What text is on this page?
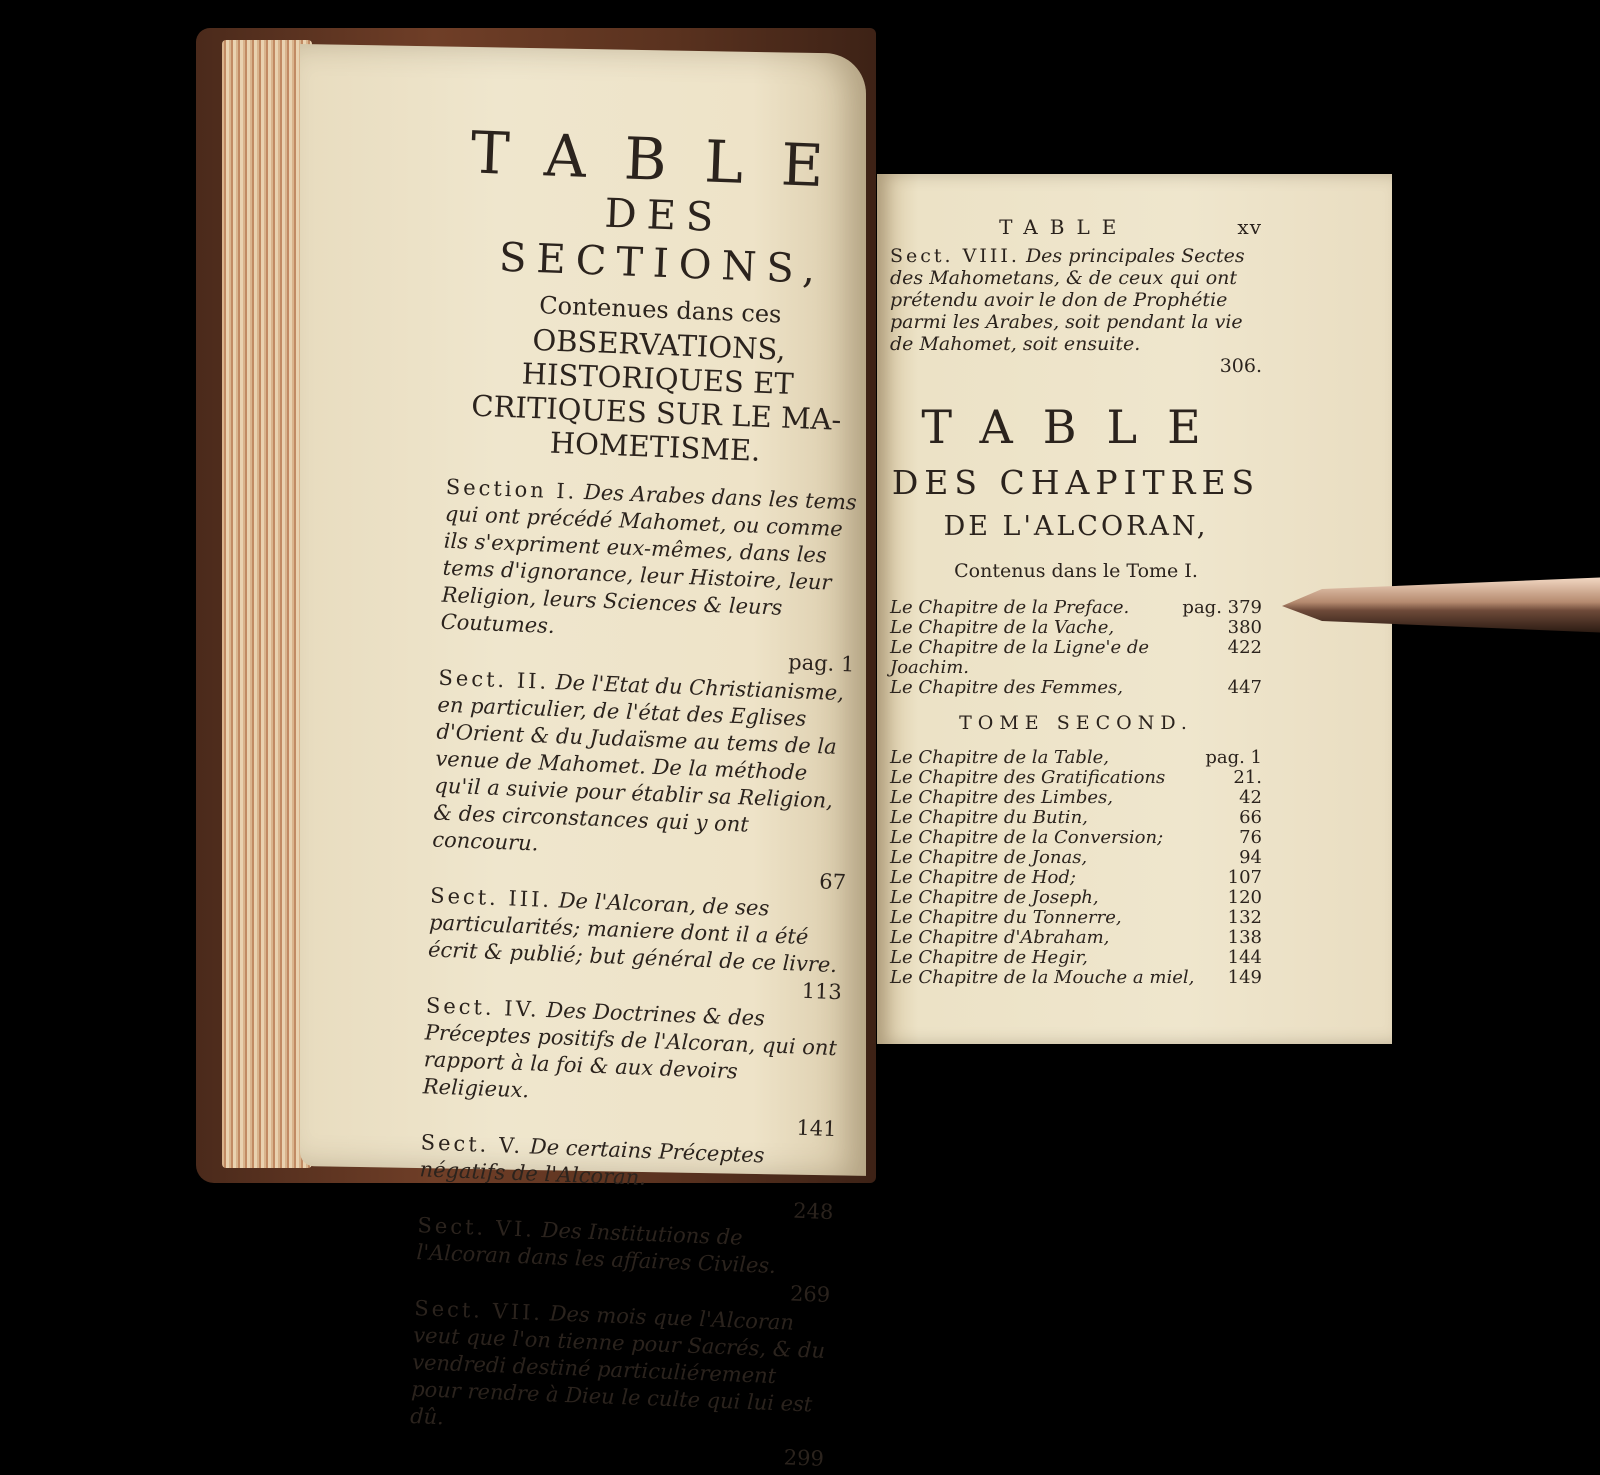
TABLE

DES SECTIONS,

Contenues dans ces

OBSERVATIONS, HISTORIQUES ET CRITIQUES SUR LE MA- HOMETISME.

Section I. Des Arabes dans les tems qui ont précédé Mahomet, ou comme ils s'expriment eux-mêmes, dans les tems d'ignorance, leur Histoire, leur Religion, leurs Sciences & leurs Coutumes.
pag. 1
Sect. II. De l'Etat du Christianisme, en particulier, de l'état des Eglises d'Orient & du Judaïsme au tems de la venue de Mahomet. De la méthode qu'il a suivie pour établir sa Religion, & des circonstances qui y ont concouru.
67
Sect. III. De l'Alcoran, de ses particularités; maniere dont il a été écrit & publié; but général de ce livre.
113
Sect. IV. Des Doctrines & des Préceptes positifs de l'Alcoran, qui ont rapport à la foi & aux devoirs Religieux.
141
Sect. V. De certains Préceptes négatifs de l'Alcoran.
248
Sect. VI. Des Institutions de l'Alcoran dans les affaires Civiles.
269
Sect. VII. Des mois que l'Alcoran veut que l'on tienne pour Sacrés, & du vendredi destiné particuliérement pour rendre à Dieu le culte qui lui est dû.
299
TABLE	xv
Sect. VIII. Des principales Sectes des Mahometans, & de ceux qui ont prétendu avoir le don de Prophétie parmi les Arabes, soit pendant la vie de Mahomet, soit ensuite.
306.
TABLE

DES CHAPITRES

DE L'ALCORAN,

Contenus dans le Tome I.

Le Chapitre de la Preface.	pag. 379
Le Chapitre de la Vache,	380
Le Chapitre de la Ligne'e de Joachim.
422
Le Chapitre des Femmes,	447
TOME SECOND.
Le Chapitre de la Table,	pag. 1
Le Chapitre des Gratifications	21.
Le Chapitre des Limbes,	42
Le Chapitre du Butin,	66
Le Chapitre de la Conversion;	76
Le Chapitre de Jonas,	94
Le Chapitre de Hod;	107
Le Chapitre de Joseph,	120
Le Chapitre du Tonnerre,	132
Le Chapitre d'Abraham,	138
Le Chapitre de Hegir,	144
Le Chapitre de la Mouche a miel, 149
